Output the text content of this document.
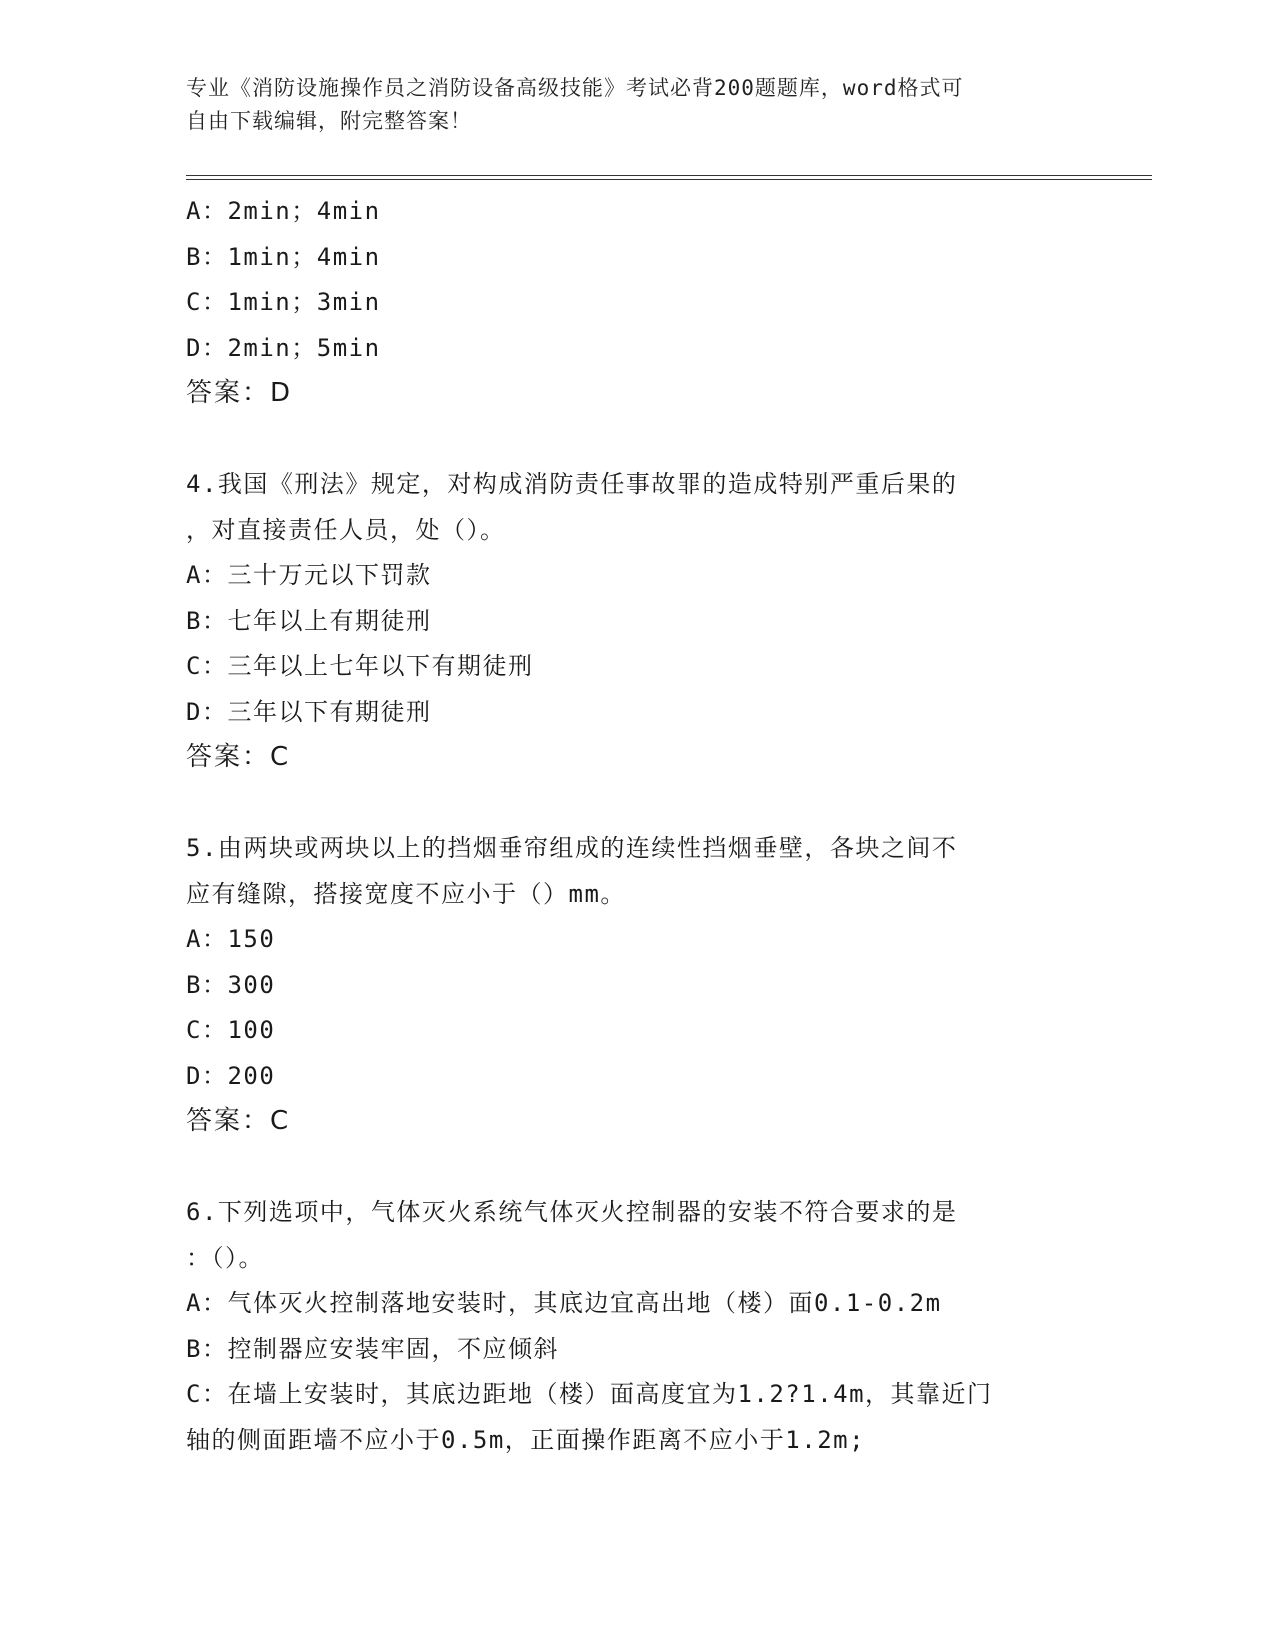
专业《消防设施操作员之消防设备高级技能》考试必背200题题库，word格式可
自由下载编辑，附完整答案！
A：2min；4min
B：1min；4min
C：1min；3min
D：2min；5min
答案：D
4.我国《刑法》规定，对构成消防责任事故罪的造成特别严重后果的
，对直接责任人员，处（）。
A：三十万元以下罚款
B：七年以上有期徒刑
C：三年以上七年以下有期徒刑
D：三年以下有期徒刑
答案：C
5.由两块或两块以上的挡烟垂帘组成的连续性挡烟垂壁，各块之间不
应有缝隙，搭接宽度不应小于（）mm。
A：150
B：300
C：100
D：200
答案：C
6.下列选项中，气体灭火系统气体灭火控制器的安装不符合要求的是
：（）。
A：气体灭火控制落地安装时，其底边宜高出地（楼）面0.1-0.2m
B：控制器应安装牢固，不应倾斜
C：在墙上安装时，其底边距地（楼）面高度宜为1.2?1.4m，其靠近门
轴的侧面距墙不应小于0.5m，正面操作距离不应小于1.2m;
